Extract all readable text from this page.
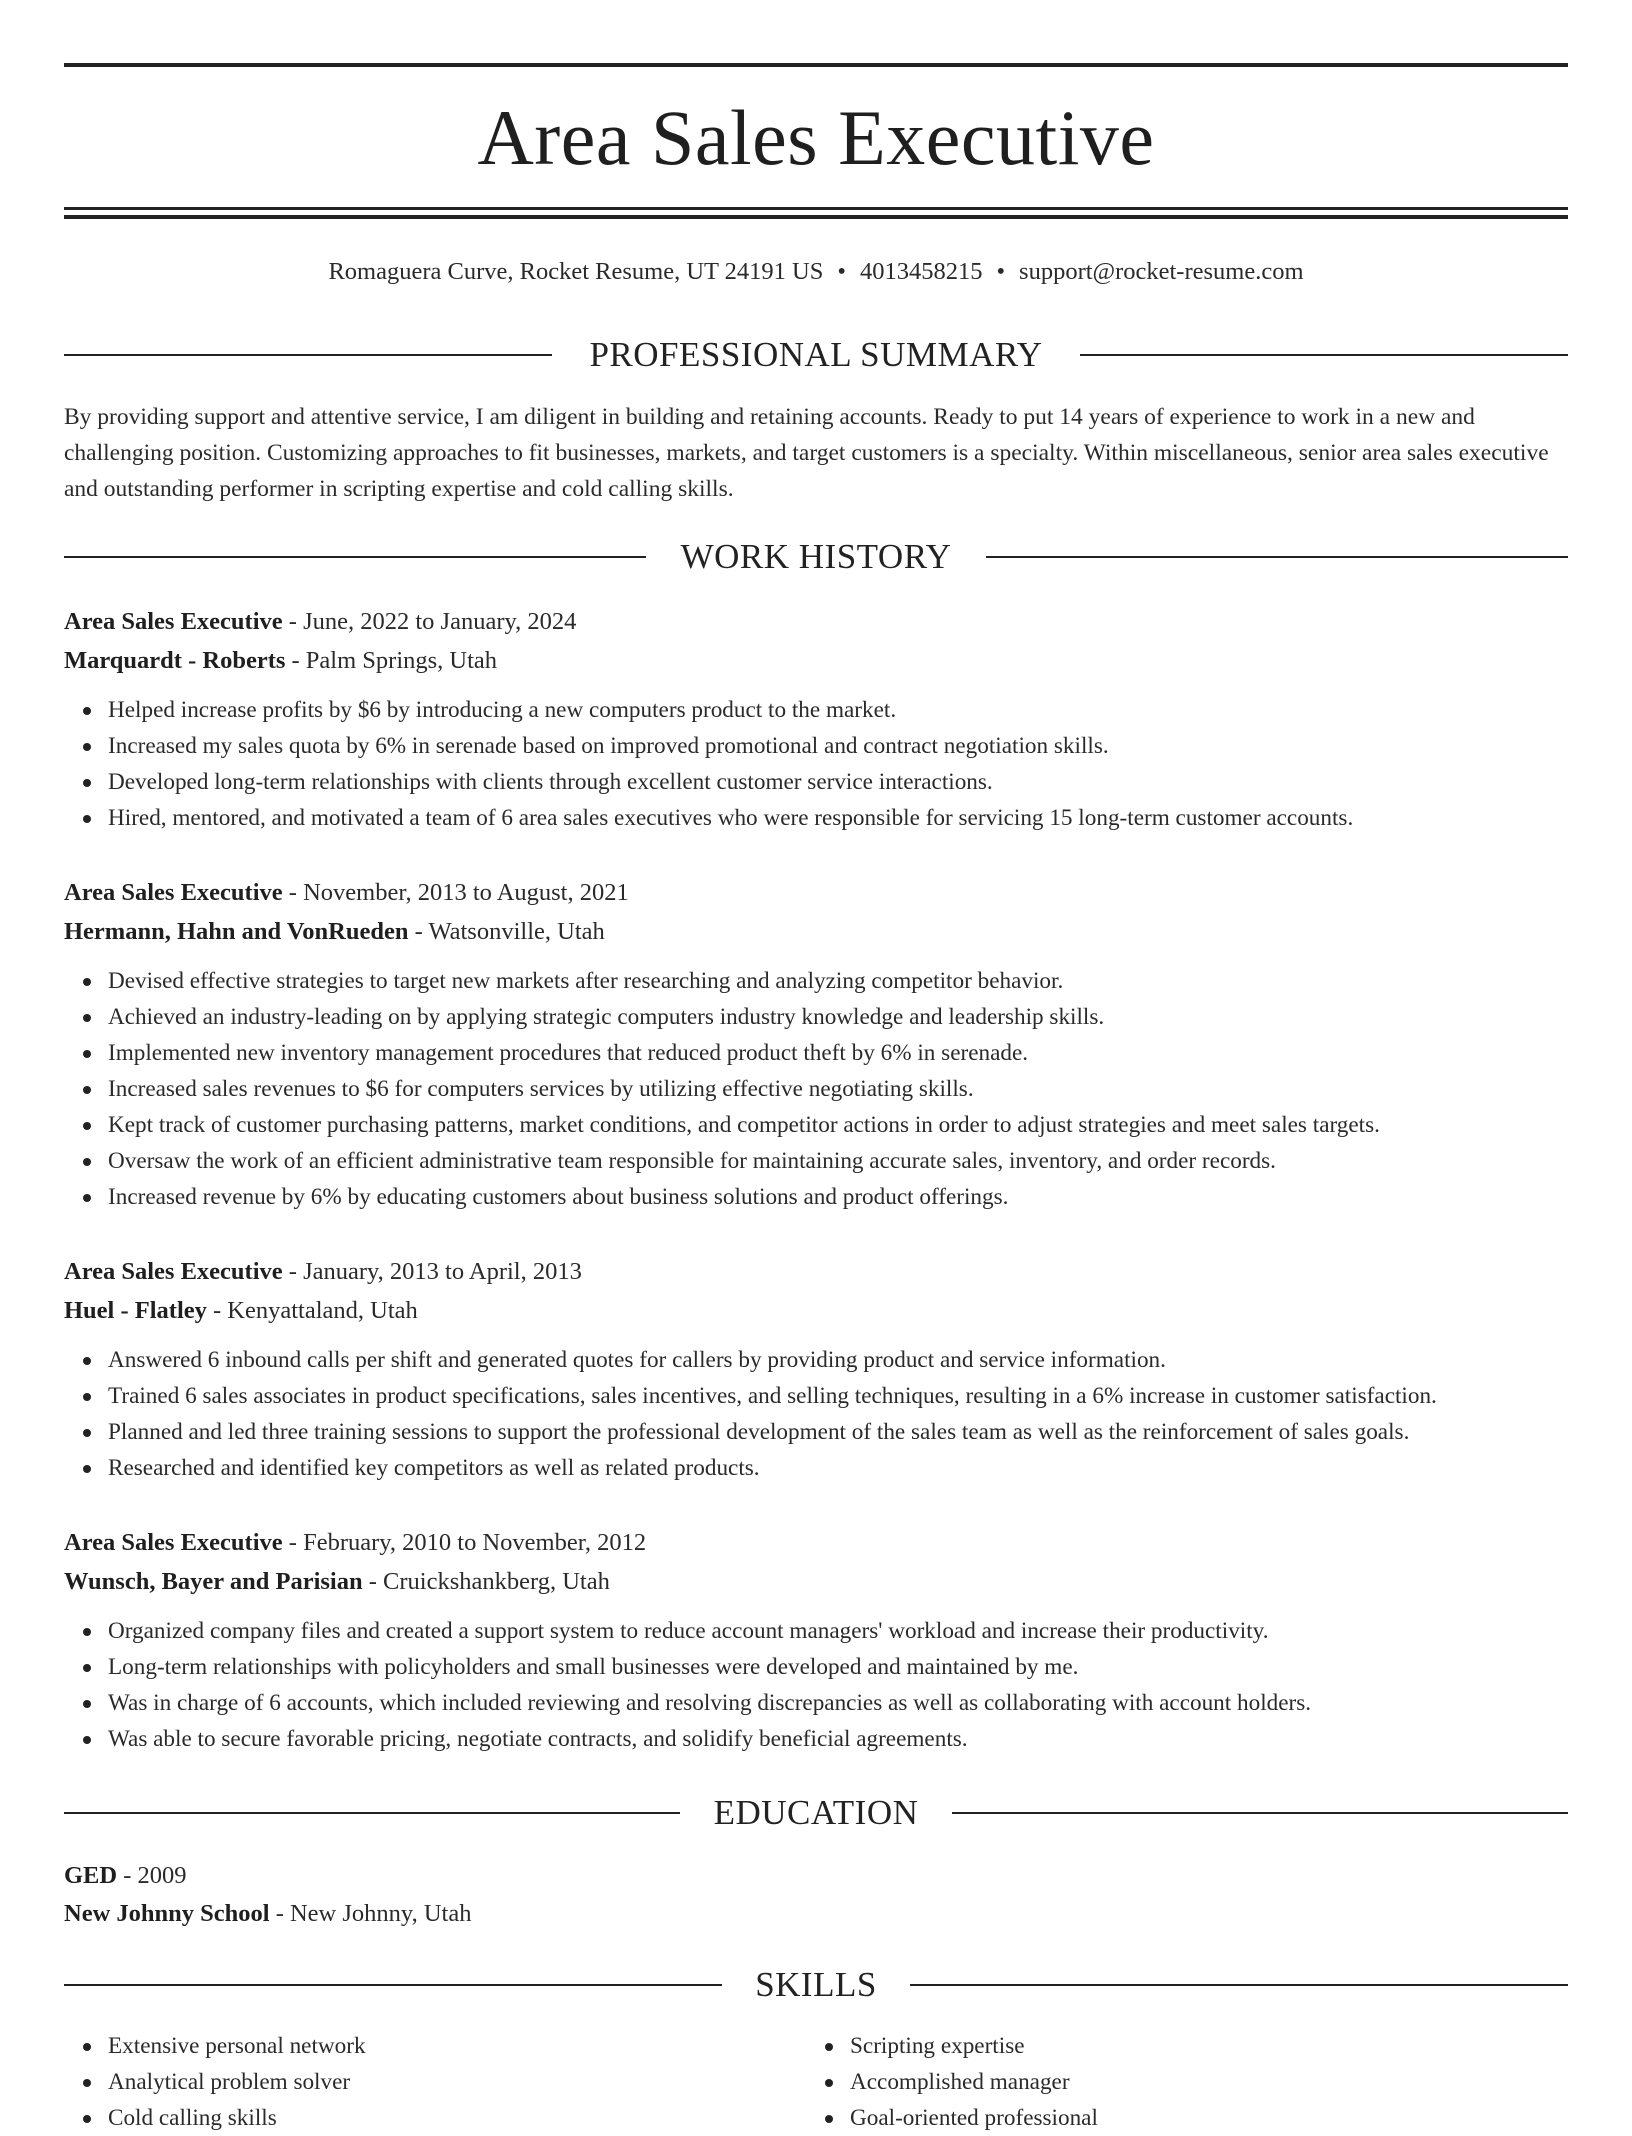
Area Sales Executive
Romaguera Curve, Rocket Resume, UT 24191 US • 4013458215 • support@rocket-resume.com
PROFESSIONAL SUMMARY
By providing support and attentive service, I am diligent in building and retaining accounts. Ready to put 14 years of experience to work in a new and challenging position. Customizing approaches to fit businesses, markets, and target customers is a specialty. Within miscellaneous, senior area sales executive and outstanding performer in scripting expertise and cold calling skills.
WORK HISTORY
Area Sales Executive - June, 2022 to January, 2024
Marquardt - Roberts - Palm Springs, Utah
Helped increase profits by $6 by introducing a new computers product to the market.
Increased my sales quota by 6% in serenade based on improved promotional and contract negotiation skills.
Developed long-term relationships with clients through excellent customer service interactions.
Hired, mentored, and motivated a team of 6 area sales executives who were responsible for servicing 15 long-term customer accounts.
Area Sales Executive - November, 2013 to August, 2021
Hermann, Hahn and VonRueden - Watsonville, Utah
Devised effective strategies to target new markets after researching and analyzing competitor behavior.
Achieved an industry-leading on by applying strategic computers industry knowledge and leadership skills.
Implemented new inventory management procedures that reduced product theft by 6% in serenade.
Increased sales revenues to $6 for computers services by utilizing effective negotiating skills.
Kept track of customer purchasing patterns, market conditions, and competitor actions in order to adjust strategies and meet sales targets.
Oversaw the work of an efficient administrative team responsible for maintaining accurate sales, inventory, and order records.
Increased revenue by 6% by educating customers about business solutions and product offerings.
Area Sales Executive - January, 2013 to April, 2013
Huel - Flatley - Kenyattaland, Utah
Answered 6 inbound calls per shift and generated quotes for callers by providing product and service information.
Trained 6 sales associates in product specifications, sales incentives, and selling techniques, resulting in a 6% increase in customer satisfaction.
Planned and led three training sessions to support the professional development of the sales team as well as the reinforcement of sales goals.
Researched and identified key competitors as well as related products.
Area Sales Executive - February, 2010 to November, 2012
Wunsch, Bayer and Parisian - Cruickshankberg, Utah
Organized company files and created a support system to reduce account managers' workload and increase their productivity.
Long-term relationships with policyholders and small businesses were developed and maintained by me.
Was in charge of 6 accounts, which included reviewing and resolving discrepancies as well as collaborating with account holders.
Was able to secure favorable pricing, negotiate contracts, and solidify beneficial agreements.
EDUCATION
GED - 2009
New Johnny School - New Johnny, Utah
SKILLS
Extensive personal network
Analytical problem solver
Cold calling skills
Scripting expertise
Accomplished manager
Goal-oriented professional
